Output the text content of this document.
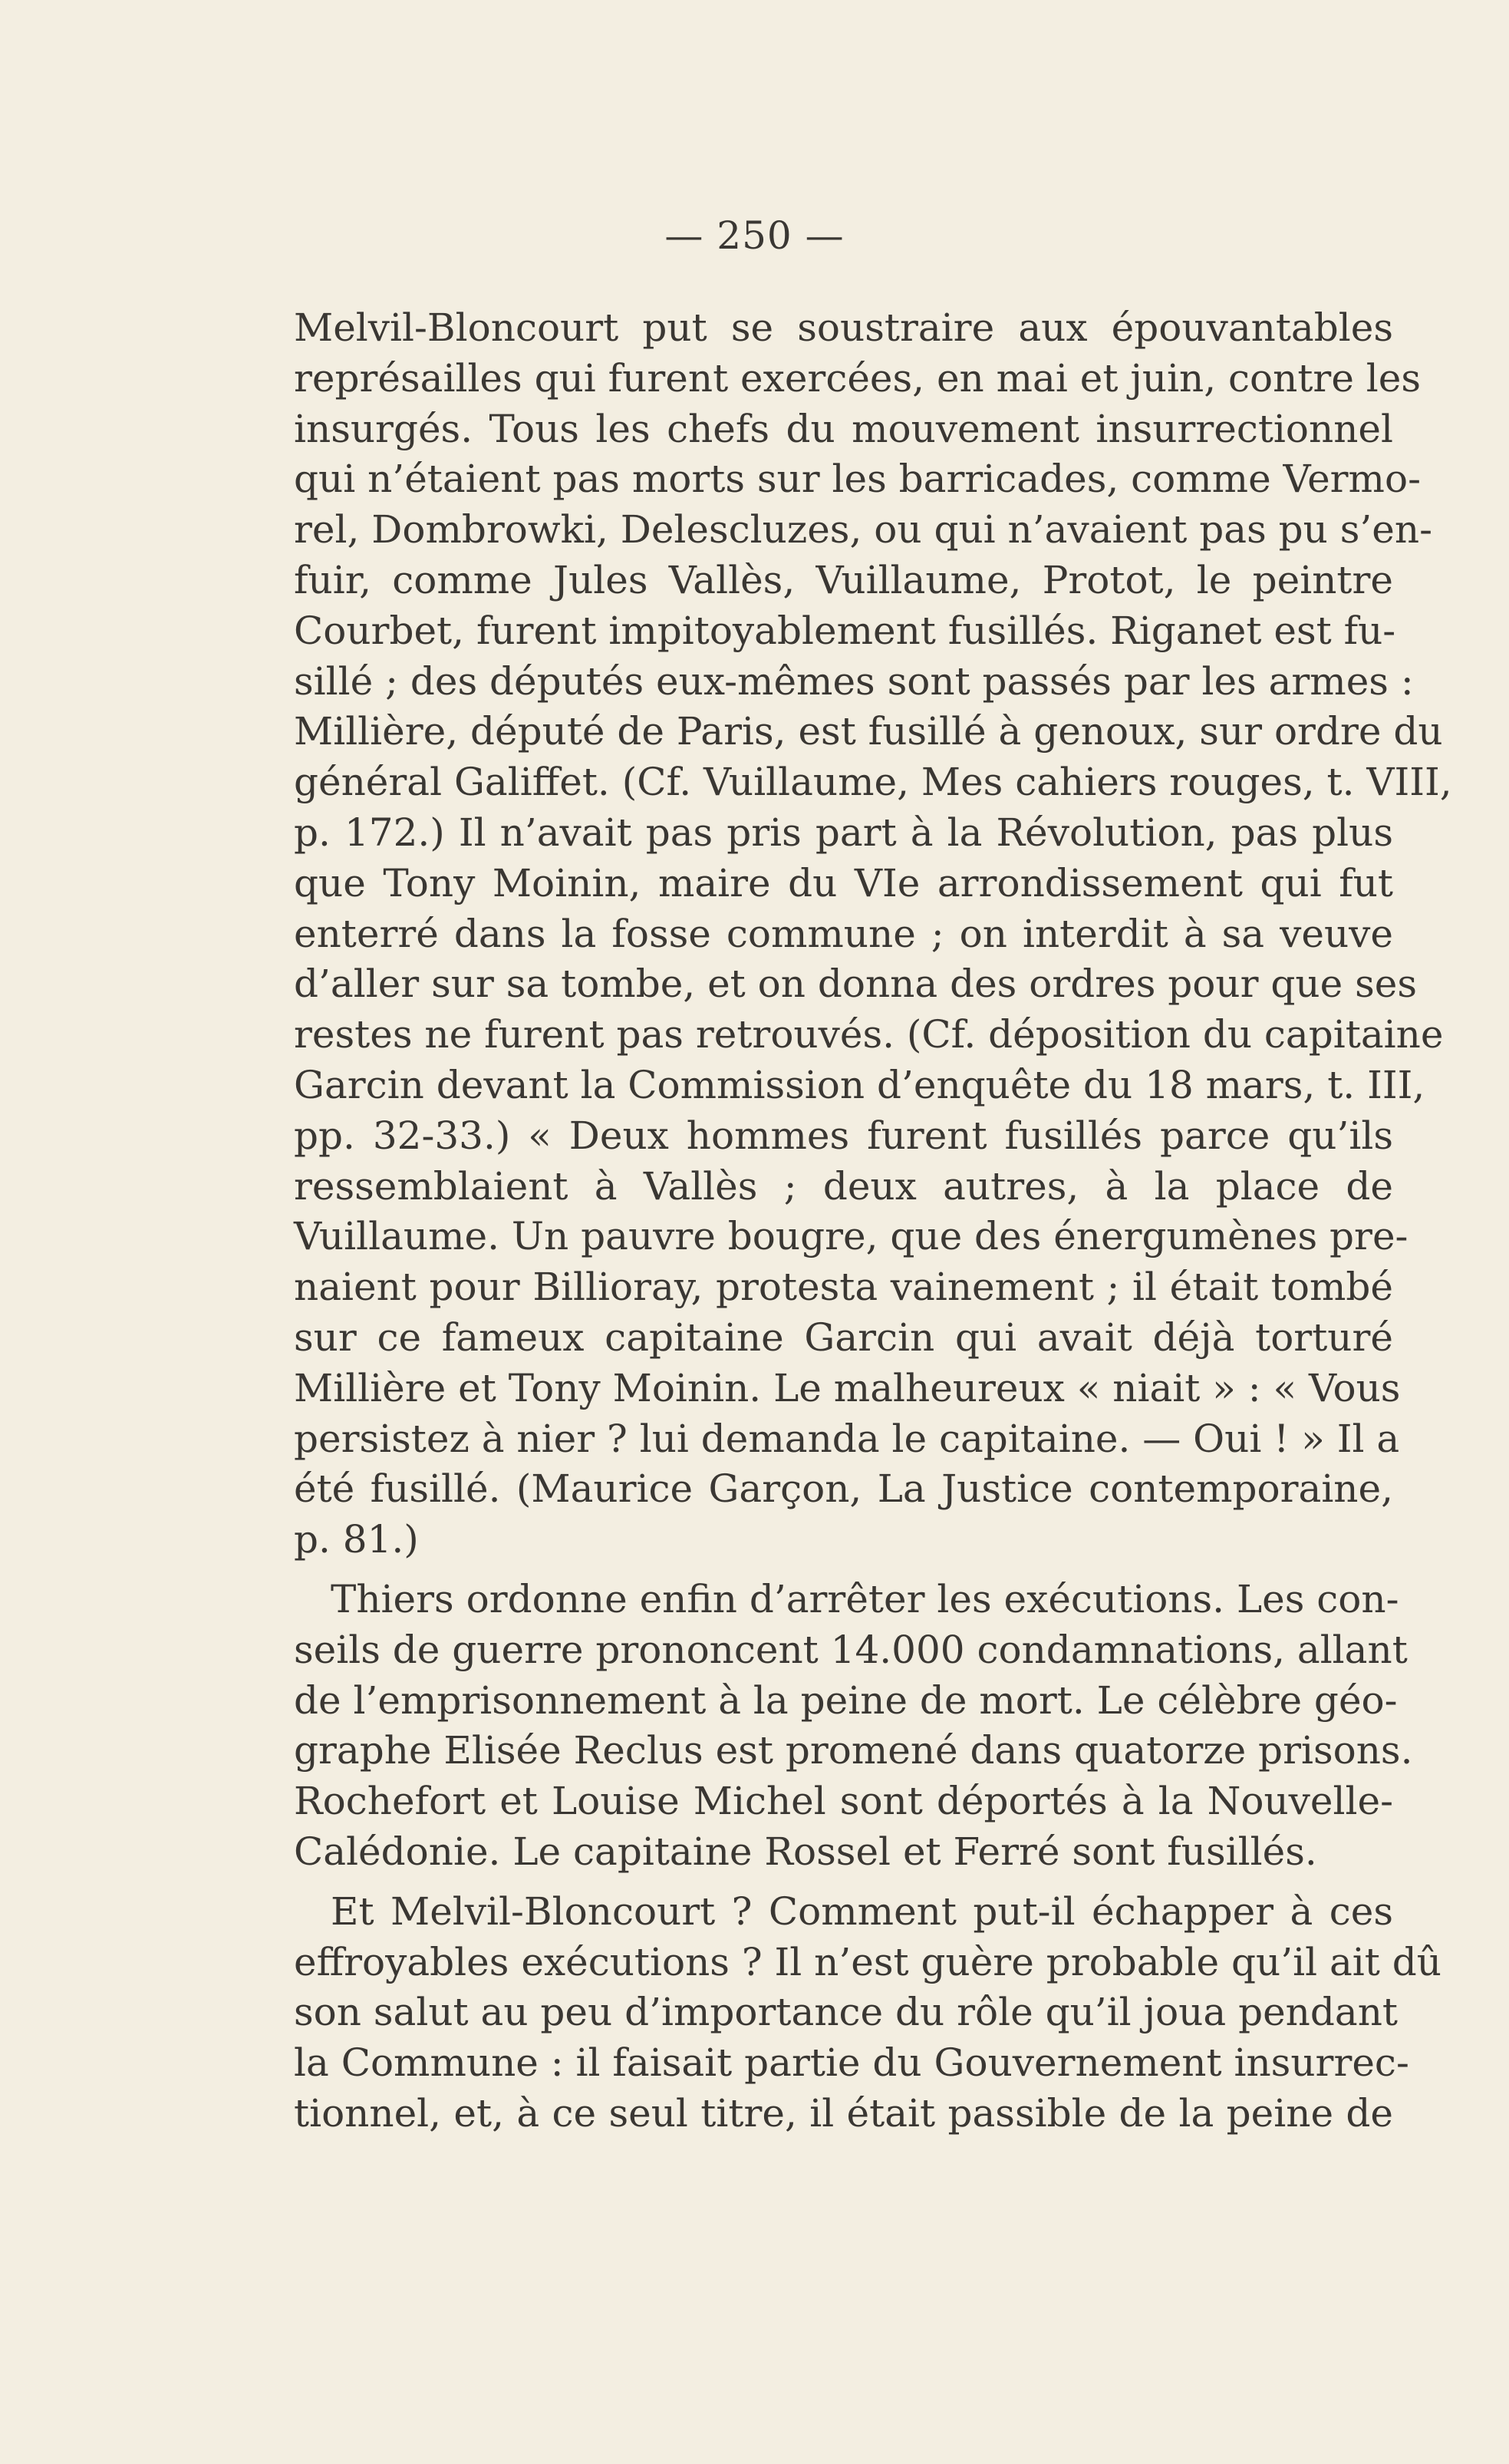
— 250 —
Melvil-Bloncourt put se soustraire aux épouvantables
représailles qui furent exercées, en mai et juin, contre les
insurgés. Tous les chefs du mouvement insurrectionnel
qui n’étaient pas morts sur les barricades, comme Vermo-
rel, Dombrowki, Delescluzes, ou qui n’avaient pas pu s’en-
fuir, comme Jules Vallès, Vuillaume, Protot, le peintre
Courbet, furent impitoyablement fusillés. Riganet est fu-
sillé ; des députés eux-mêmes sont passés par les armes :
Millière, député de Paris, est fusillé à genoux, sur ordre du
général Galiffet. (Cf. Vuillaume, Mes cahiers rouges, t. VIII,
p. 172.) Il n’avait pas pris part à la Révolution, pas plus
que Tony Moinin, maire du VIe arrondissement qui fut
enterré dans la fosse commune ; on interdit à sa veuve
d’aller sur sa tombe, et on donna des ordres pour que ses
restes ne furent pas retrouvés. (Cf. déposition du capitaine
Garcin devant la Commission d’enquête du 18 mars, t. III,
pp. 32-33.) « Deux hommes furent fusillés parce qu’ils
ressemblaient à Vallès ; deux autres, à la place de
Vuillaume. Un pauvre bougre, que des énergumènes pre-
naient pour Billioray, protesta vainement ; il était tombé
sur ce fameux capitaine Garcin qui avait déjà torturé
Millière et Tony Moinin. Le malheureux « niait » : « Vous
persistez à nier ? lui demanda le capitaine. — Oui ! » Il a
été fusillé. (Maurice Garçon, La Justice contemporaine,
p. 81.)
Thiers ordonne enfin d’arrêter les exécutions. Les con-
seils de guerre prononcent 14.000 condamnations, allant
de l’emprisonnement à la peine de mort. Le célèbre géo-
graphe Elisée Reclus est promené dans quatorze prisons.
Rochefort et Louise Michel sont déportés à la Nouvelle-
Calédonie. Le capitaine Rossel et Ferré sont fusillés.
Et Melvil-Bloncourt ? Comment put-il échapper à ces
effroyables exécutions ? Il n’est guère probable qu’il ait dû
son salut au peu d’importance du rôle qu’il joua pendant
la Commune : il faisait partie du Gouvernement insurrec-
tionnel, et, à ce seul titre, il était passible de la peine de
